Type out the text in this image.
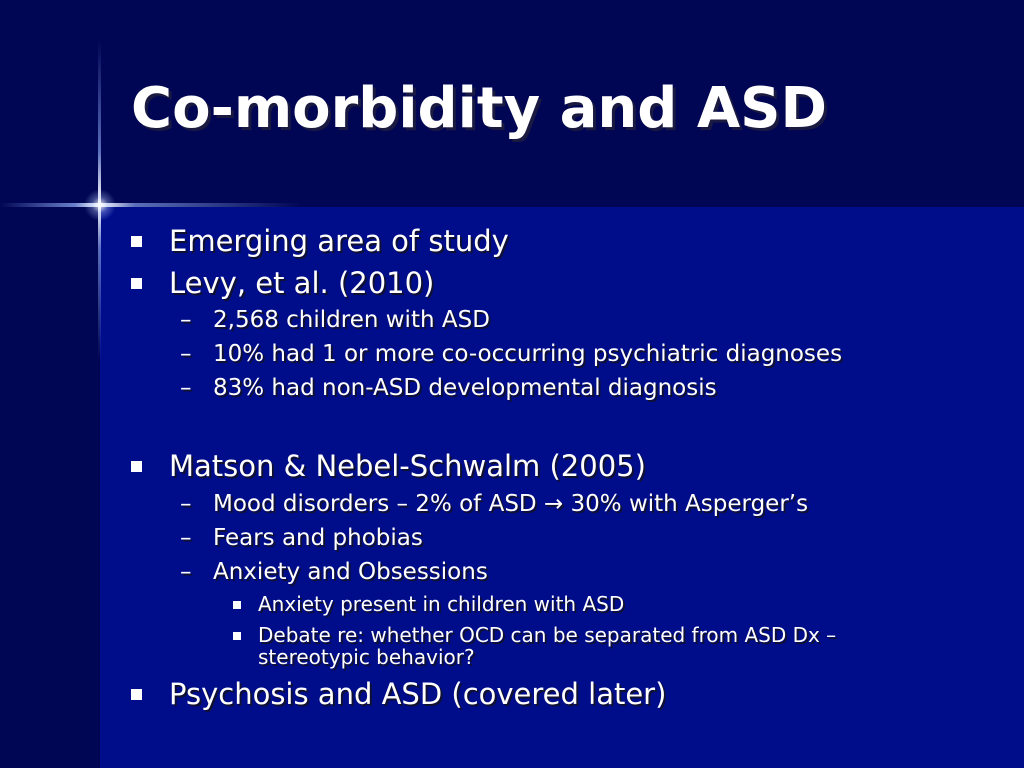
Co-morbidity and ASD
Emerging area of study
Levy, et al. (2010)
– 2,568 children with ASD
– 10% had 1 or more co-occurring psychiatric diagnoses
– 83% had non-ASD developmental diagnosis
Matson & Nebel-Schwalm (2005)
– Mood disorders – 2% of ASD → 30% with Asperger’s
– Fears and phobias
– Anxiety and Obsessions
Anxiety present in children with ASD
Debate re: whether OCD can be separated from ASD Dx – stereotypic behavior?
Psychosis and ASD (covered later)
